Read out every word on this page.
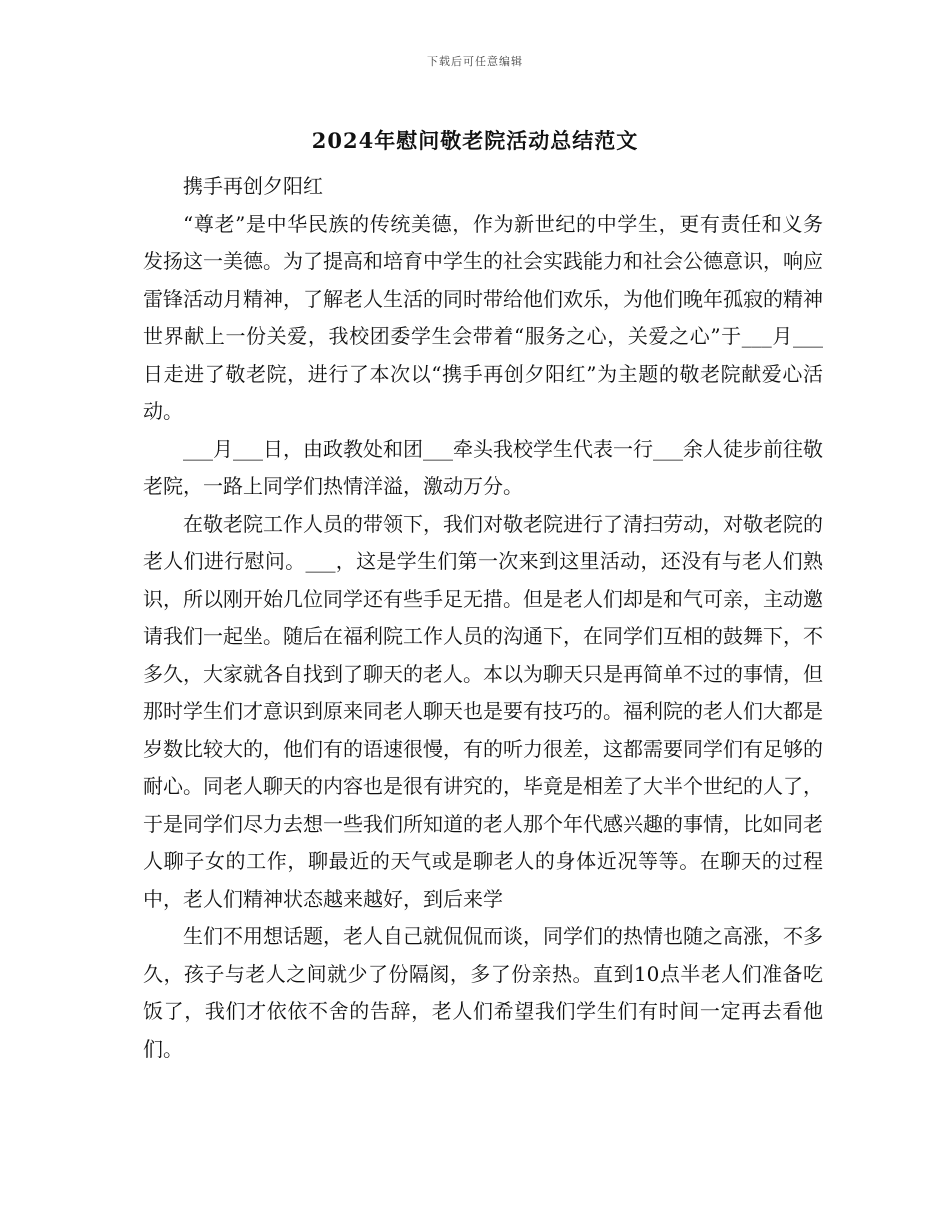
下载后可任意编辑
2024年慰问敬老院活动总结范文

携手再创夕阳红

“尊老”是中华民族的传统美德，作为新世纪的中学生，更有责任和义务发扬这一美德。为了提高和培育中学生的社会实践能力和社会公德意识，响应雷锋活动月精神，了解老人生活的同时带给他们欢乐，为他们晚年孤寂的精神世界献上一份关爱，我校团委学生会带着“服务之心，关爱之心”于___月___日走进了敬老院，进行了本次以“携手再创夕阳红”为主题的敬老院献爱心活动。

___月___日，由政教处和团___牵头我校学生代表一行___余人徒步前往敬老院，一路上同学们热情洋溢，激动万分。

在敬老院工作人员的带领下，我们对敬老院进行了清扫劳动，对敬老院的老人们进行慰问。___，这是学生们第一次来到这里活动，还没有与老人们熟识，所以刚开始几位同学还有些手足无措。但是老人们却是和气可亲，主动邀请我们一起坐。随后在福利院工作人员的沟通下，在同学们互相的鼓舞下，不多久，大家就各自找到了聊天的老人。本以为聊天只是再简单不过的事情，但那时学生们才意识到原来同老人聊天也是要有技巧的。福利院的老人们大都是岁数比较大的，他们有的语速很慢，有的听力很差，这都需要同学们有足够的耐心。同老人聊天的内容也是很有讲究的，毕竟是相差了大半个世纪的人了，于是同学们尽力去想一些我们所知道的老人那个年代感兴趣的事情，比如同老人聊子女的工作，聊最近的天气或是聊老人的身体近况等等。在聊天的过程中，老人们精神状态越来越好，到后来学

生们不用想话题，老人自己就侃侃而谈，同学们的热情也随之高涨，不多久，孩子与老人之间就少了份隔阂，多了份亲热。直到10点半老人们准备吃饭了，我们才依依不舍的告辞，老人们希望我们学生们有时间一定再去看他们。
